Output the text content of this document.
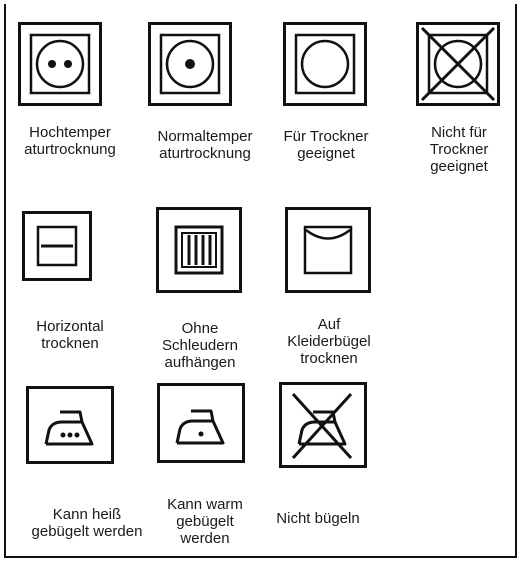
Hochtemper
aturtrocknung
Normaltemper
aturtrocknung
Für Trockner
geeignet
Nicht für
Trockner
geeignet
Horizontal
trocknen
Ohne
Schleudern
aufhängen
Auf
Kleiderbügel
trocknen
Kann heiß
gebügelt werden
Kann warm
gebügelt
werden
Nicht bügeln
